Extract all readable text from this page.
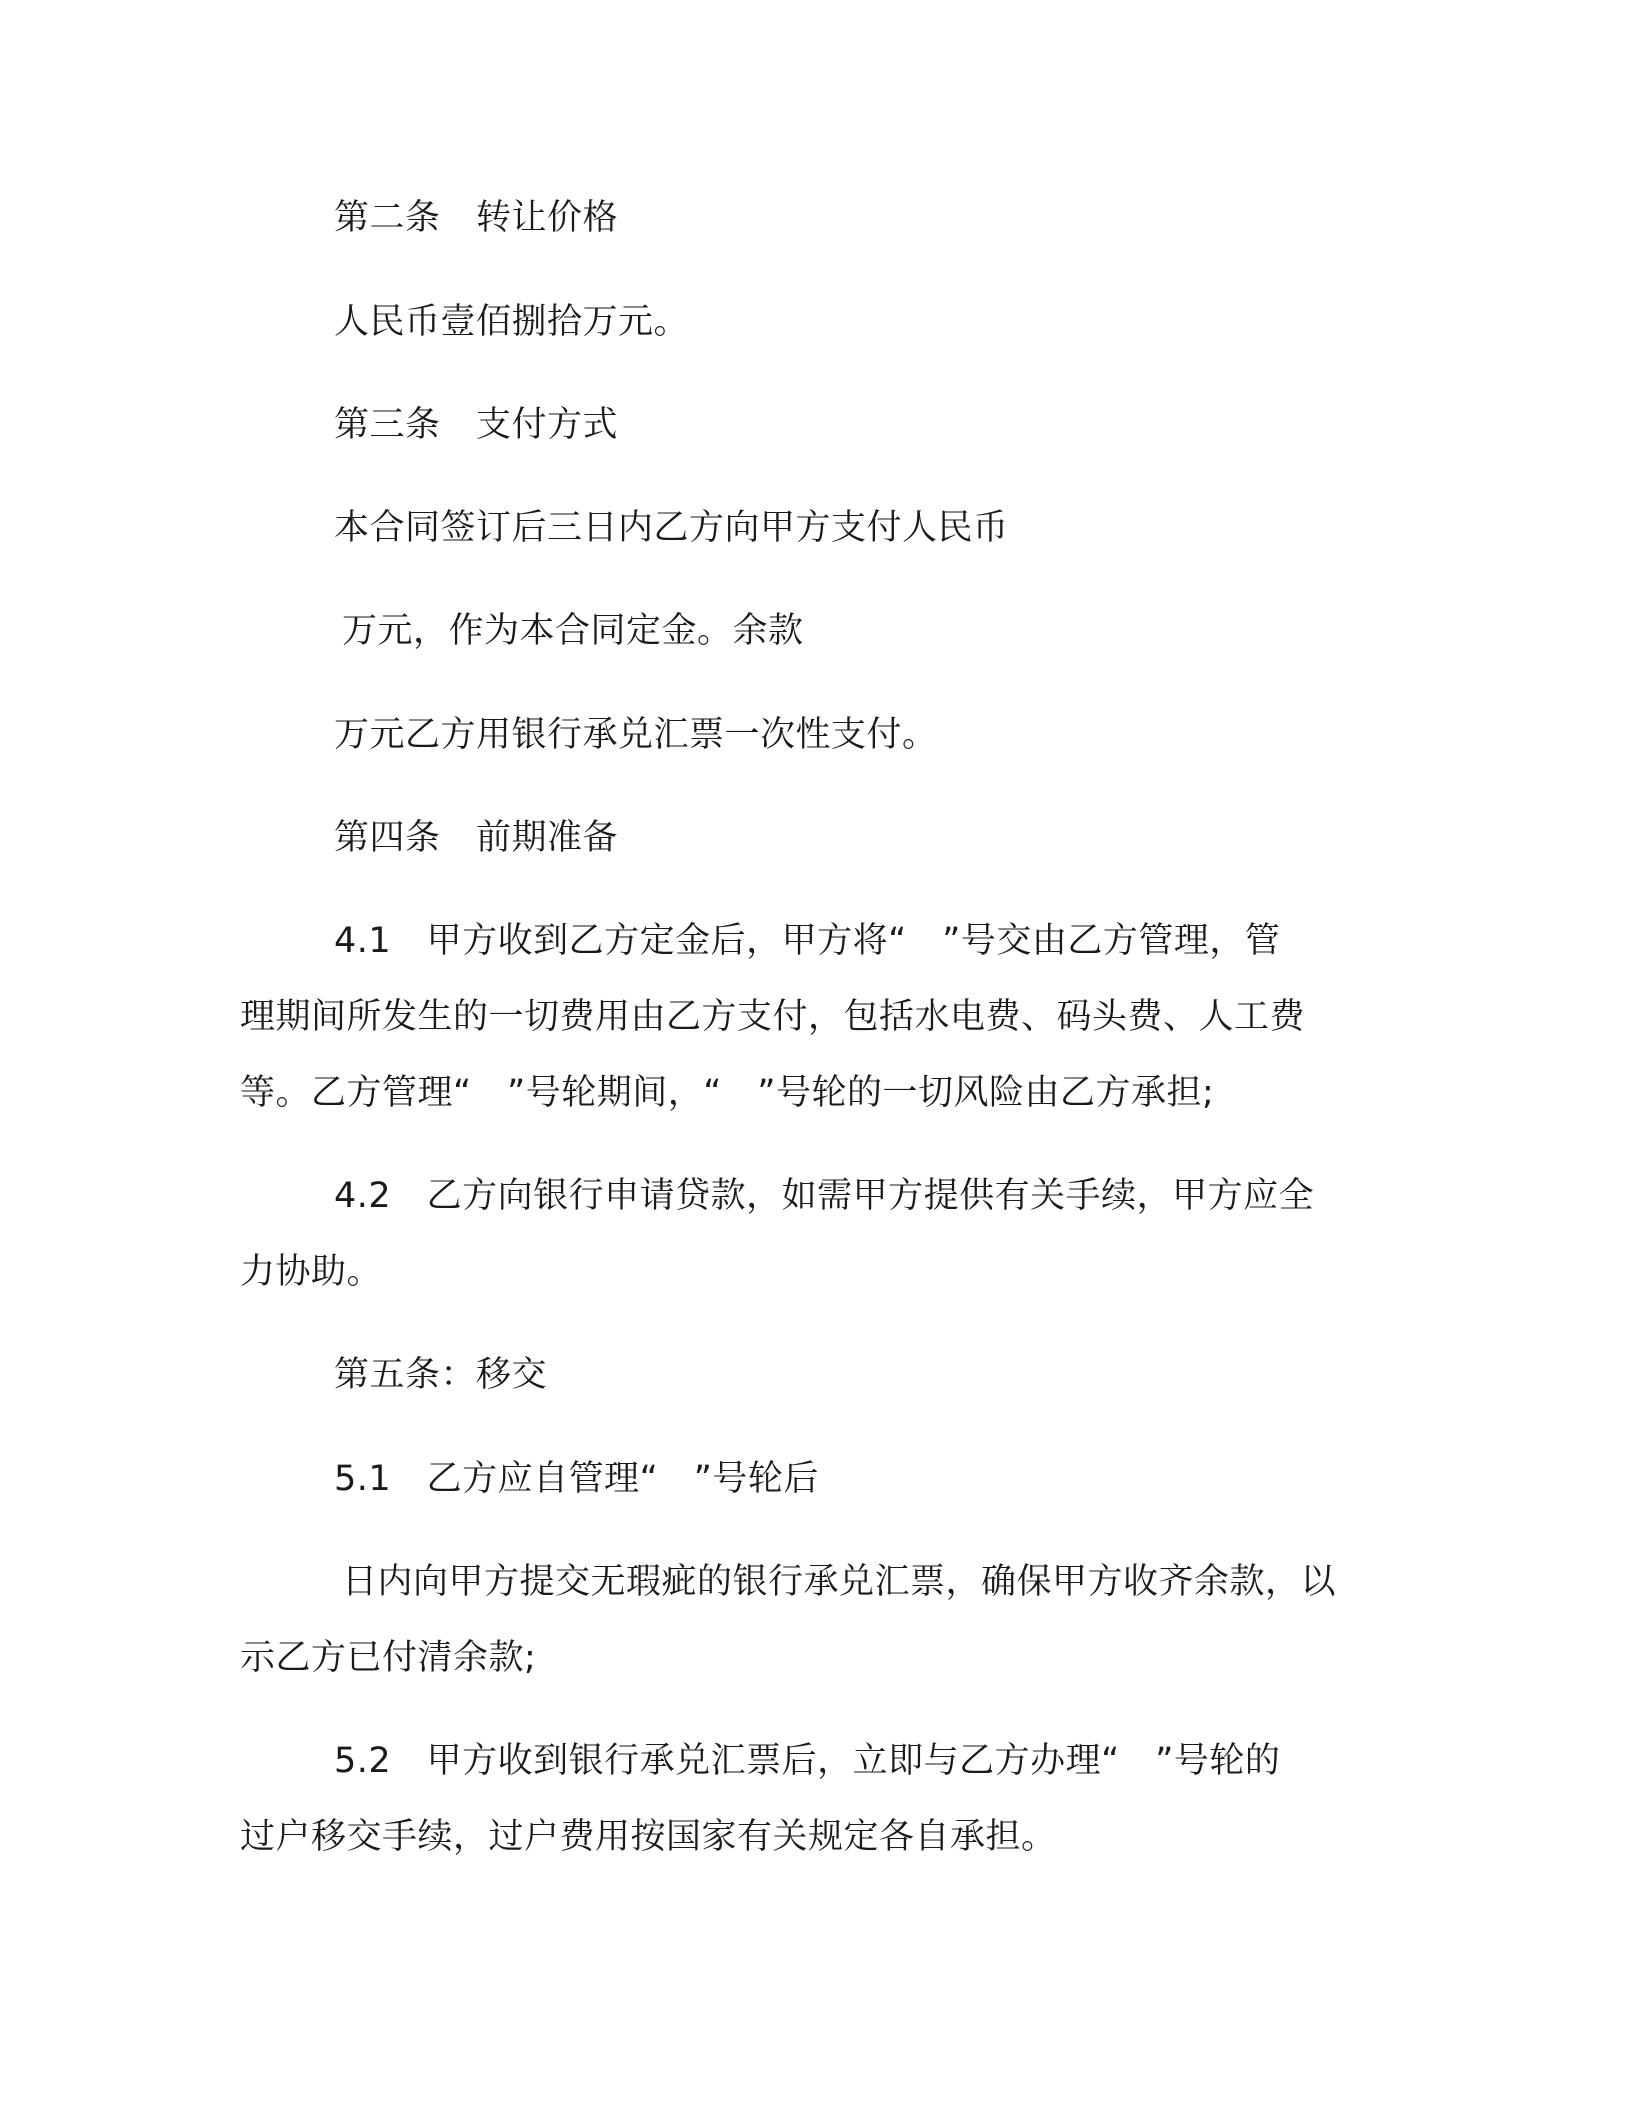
第二条　转让价格

人民币壹佰捌拾万元。

第三条　支付方式

本合同签订后三日内乙方向甲方支付人民币

万元，作为本合同定金。余款

万元乙方用银行承兑汇票一次性支付。

第四条　前期准备

4.1　甲方收到乙方定金后，甲方将“　”号交由乙方管理，管

理期间所发生的一切费用由乙方支付，包括水电费、码头费、人工费

等。乙方管理“　”号轮期间，“　”号轮的一切风险由乙方承担;

4.2　乙方向银行申请贷款，如需甲方提供有关手续，甲方应全

力协助。

第五条：移交

5.1　乙方应自管理“　”号轮后

日内向甲方提交无瑕疵的银行承兑汇票，确保甲方收齐余款，以

示乙方已付清余款;

5.2　甲方收到银行承兑汇票后，立即与乙方办理“　”号轮的

过户移交手续，过户费用按国家有关规定各自承担。
